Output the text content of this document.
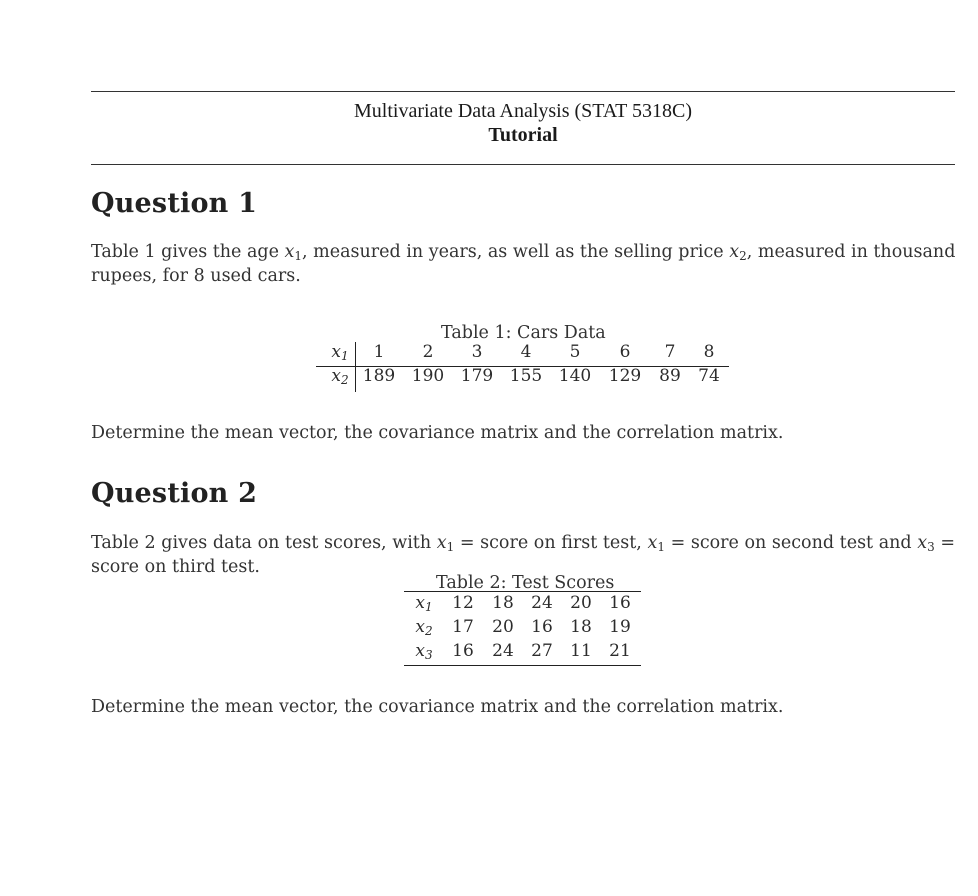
Multivariate Data Analysis (STAT 5318C)
Tutorial
Question 1
Table 1 gives the age $x_1$, measured in years, as well as the selling price $x_2$, measured in thousand
rupees, for 8 used cars.
Table 1: Cars Data
$x_1$	1	2	3	4	5	6	7	8
$x_2$ 189 190 179 155 140	129	89	74
Determine the mean vector, the covariance matrix and the correlation matrix.
Question 2
Table 2 gives data on test scores, with $x_1$ = score on first test, $x_1$ = score on second test and $x_3$ =
score on third test.
Table 2: Test Scores
$x_1$	12	18	24	20	16
$x_2$	17	20	16	18	19
$x_3$	16	24	27	11	21
Determine the mean vector, the covariance matrix and the correlation matrix.
